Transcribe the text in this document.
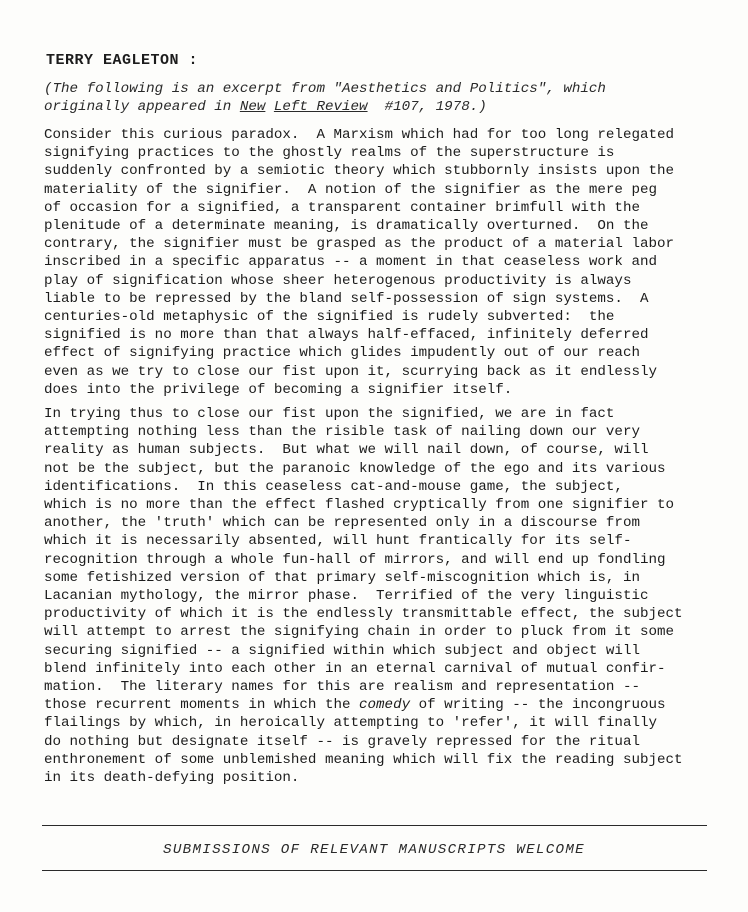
TERRY EAGLETON :

(The following is an excerpt from "Aesthetics and Politics", which
originally appeared in New Left Review  #107, 1978.)

Consider this curious paradox.  A Marxism which had for too long relegated
signifying practices to the ghostly realms of the superstructure is
suddenly confronted by a semiotic theory which stubbornly insists upon the
materiality of the signifier.  A notion of the signifier as the mere peg
of occasion for a signified, a transparent container brimfull with the
plenitude of a determinate meaning, is dramatically overturned.  On the
contrary, the signifier must be grasped as the product of a material labor
inscribed in a specific apparatus -- a moment in that ceaseless work and
play of signification whose sheer heterogenous productivity is always
liable to be repressed by the bland self-possession of sign systems.  A
centuries-old metaphysic of the signified is rudely subverted:  the
signified is no more than that always half-effaced, infinitely deferred
effect of signifying practice which glides impudently out of our reach
even as we try to close our fist upon it, scurrying back as it endlessly
does into the privilege of becoming a signifier itself.

In trying thus to close our fist upon the signified, we are in fact
attempting nothing less than the risible task of nailing down our very
reality as human subjects.  But what we will nail down, of course, will
not be the subject, but the paranoic knowledge of the ego and its various
identifications.  In this ceaseless cat-and-mouse game, the subject,
which is no more than the effect flashed cryptically from one signifier to
another, the 'truth' which can be represented only in a discourse from
which it is necessarily absented, will hunt frantically for its self-
recognition through a whole fun-hall of mirrors, and will end up fondling
some fetishized version of that primary self-miscognition which is, in
Lacanian mythology, the mirror phase.  Terrified of the very linguistic
productivity of which it is the endlessly transmittable effect, the subject
will attempt to arrest the signifying chain in order to pluck from it some
securing signified -- a signified within which subject and object will
blend infinitely into each other in an eternal carnival of mutual confir-
mation.  The literary names for this are realism and representation --
those recurrent moments in which the comedy of writing -- the incongruous
flailings by which, in heroically attempting to 'refer', it will finally
do nothing but designate itself -- is gravely repressed for the ritual
enthronement of some unblemished meaning which will fix the reading subject
in its death-defying position.

SUBMISSIONS OF RELEVANT MANUSCRIPTS WELCOME
